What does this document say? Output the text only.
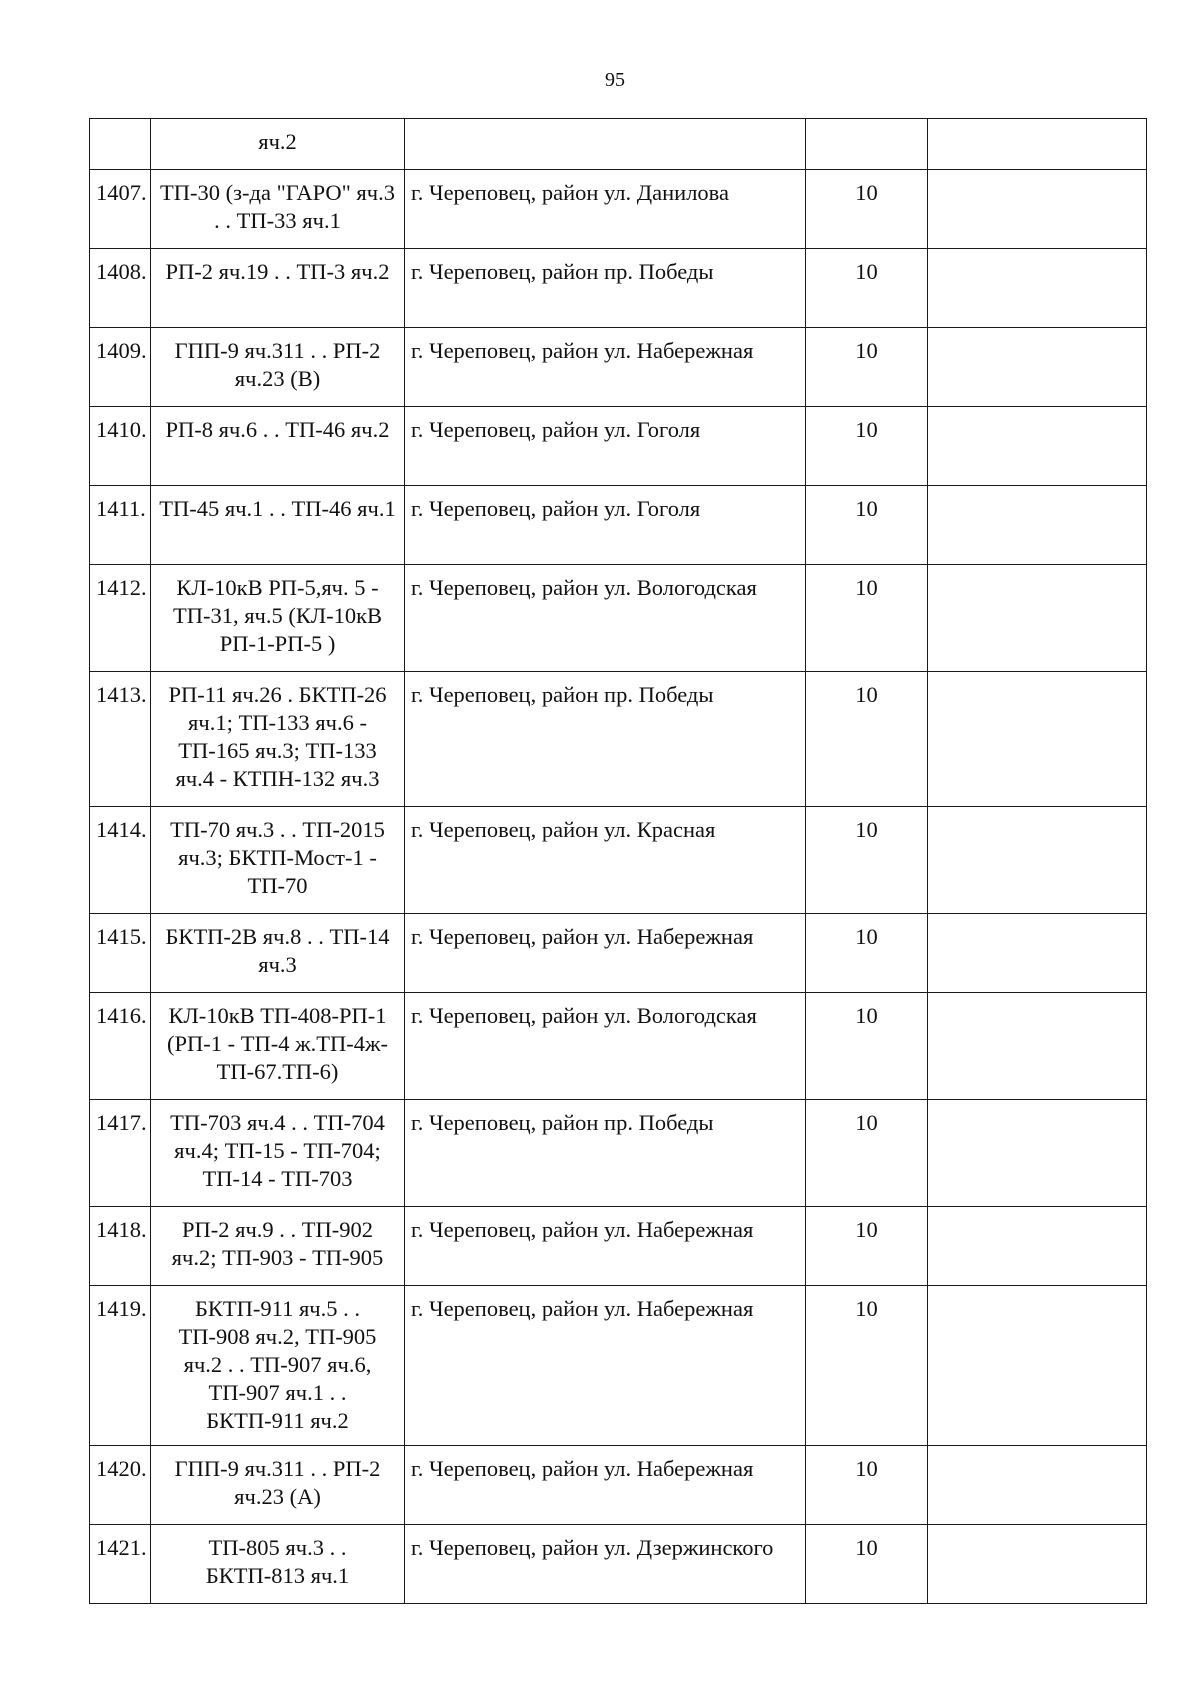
95
	яч.2			
1407.	ТП-30 (з-да "ГАРО" яч.3 . . ТП-33 яч.1	г. Череповец, район ул. Данилова	10	
1408.	РП-2 яч.19 . . ТП-3 яч.2	г. Череповец, район пр. Победы	10	
1409.	ГПП-9 яч.311 . . РП-2 яч.23 (В)	г. Череповец, район ул. Набережная	10	
1410.	РП-8 яч.6 . . ТП-46 яч.2	г. Череповец, район ул. Гоголя	10	
1411.	ТП-45 яч.1 . . ТП-46 яч.1	г. Череповец, район ул. Гоголя	10	
1412.	КЛ-10кВ РП-5,яч. 5 - ТП-31, яч.5 (КЛ-10кВ РП-1-РП-5 )	г. Череповец, район ул. Вологодская	10	
1413.	РП-11 яч.26 . БКТП-26 яч.1; ТП-133 яч.6 - ТП-165 яч.3; ТП-133 яч.4 - КТПН-132 яч.3	г. Череповец, район пр. Победы	10	
1414.	ТП-70 яч.3 . . ТП-2015 яч.3; БКТП-Мост-1 - ТП-70	г. Череповец, район ул. Красная	10	
1415.	БКТП-2В яч.8 . . ТП-14 яч.3	г. Череповец, район ул. Набережная	10	
1416.	КЛ-10кВ ТП-408-РП-1 (РП-1 - ТП-4 ж.ТП-4ж-ТП-67.ТП-6)	г. Череповец, район ул. Вологодская	10	
1417.	ТП-703 яч.4 . . ТП-704 яч.4; ТП-15 - ТП-704; ТП-14 - ТП-703	г. Череповец, район пр. Победы	10	
1418.	РП-2 яч.9 . . ТП-902 яч.2; ТП-903 - ТП-905	г. Череповец, район ул. Набережная	10	
1419.	БКТП-911 яч.5 . . ТП-908 яч.2, ТП-905 яч.2 . . ТП-907 яч.6, ТП-907 яч.1 . . БКТП-911 яч.2	г. Череповец, район ул. Набережная	10	
1420.	ГПП-9 яч.311 . . РП-2 яч.23 (А)	г. Череповец, район ул. Набережная	10	
1421.	ТП-805 яч.3 . . БКТП-813 яч.1	г. Череповец, район ул. Дзержинского	10	
